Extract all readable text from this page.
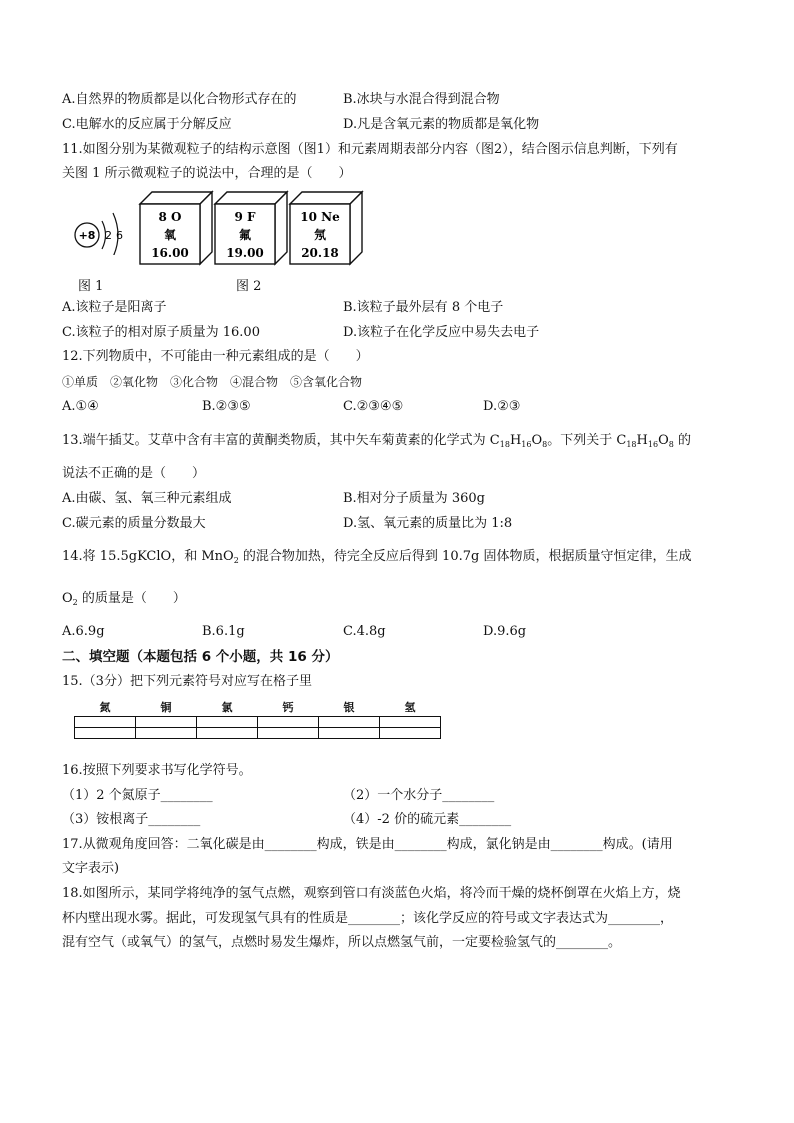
A.自然界的物质都是以化合物形式存在的	B.冰块与水混合得到混合物
C.电解水的反应属于分解反应	D.凡是含氧元素的物质都是氧化物
11.如图分别为某微观粒子的结构示意图（图1）和元素周期表部分内容（图2），结合图示信息判断，下列有
关图 1 所示微观粒子的说法中，合理的是（　　）
+8 2 6
8 O
氧
16.00
9 F
氟
19.00
10 Ne
氖
20.18
图 1	图 2
A.该粒子是阳离子	B.该粒子最外层有 8 个电子
C.该粒子的相对原子质量为 16.00	D.该粒子在化学反应中易失去电子
12.下列物质中，不可能由一种元素组成的是（　　）
①单质　②氧化物　③化合物　④混合物　⑤含氧化合物
A.①④	B.②③⑤	C.②③④⑤	D.②③
13.端午插艾。艾草中含有丰富的黄酮类物质，其中矢车菊黄素的化学式为 $C_{18}H_{16}O_8$。下列关于 $C_{18}H_{16}O_8$ 的
说法不正确的是（　　）
A.由碳、氢、氧三种元素组成	B.相对分子质量为 360g
C.碳元素的质量分数最大	D.氢、氧元素的质量比为 1:8
14.将 15.5gKClO，和 MnO$_2$ 的混合物加热，待完全反应后得到 10.7g 固体物质，根据质量守恒定律，生成
$O_2$ 的质量是（　　）
A.6.9g	B.6.1g	C.4.8g	D.9.6g
二、填空题（本题包括 6 个小题，共 16 分）
15.（3分）把下列元素符号对应写在格子里
氮	铜	氯	钙	银	氢

16.按照下列要求书写化学符号。
（1）2 个氮原子________	（2）一个水分子________
（3）铵根离子________	（4）-2 价的硫元素________
17.从微观角度回答：二氧化碳是由________构成，铁是由________构成，氯化钠是由________构成。(请用
文字表示)
18.如图所示，某同学将纯净的氢气点燃，观察到管口有淡蓝色火焰，将冷而干燥的烧杯倒罩在火焰上方，烧
杯内壁出现水雾。据此，可发现氢气具有的性质是________；该化学反应的符号或文字表达式为________，
混有空气（或氧气）的氢气，点燃时易发生爆炸，所以点燃氢气前，一定要检验氢气的________。
